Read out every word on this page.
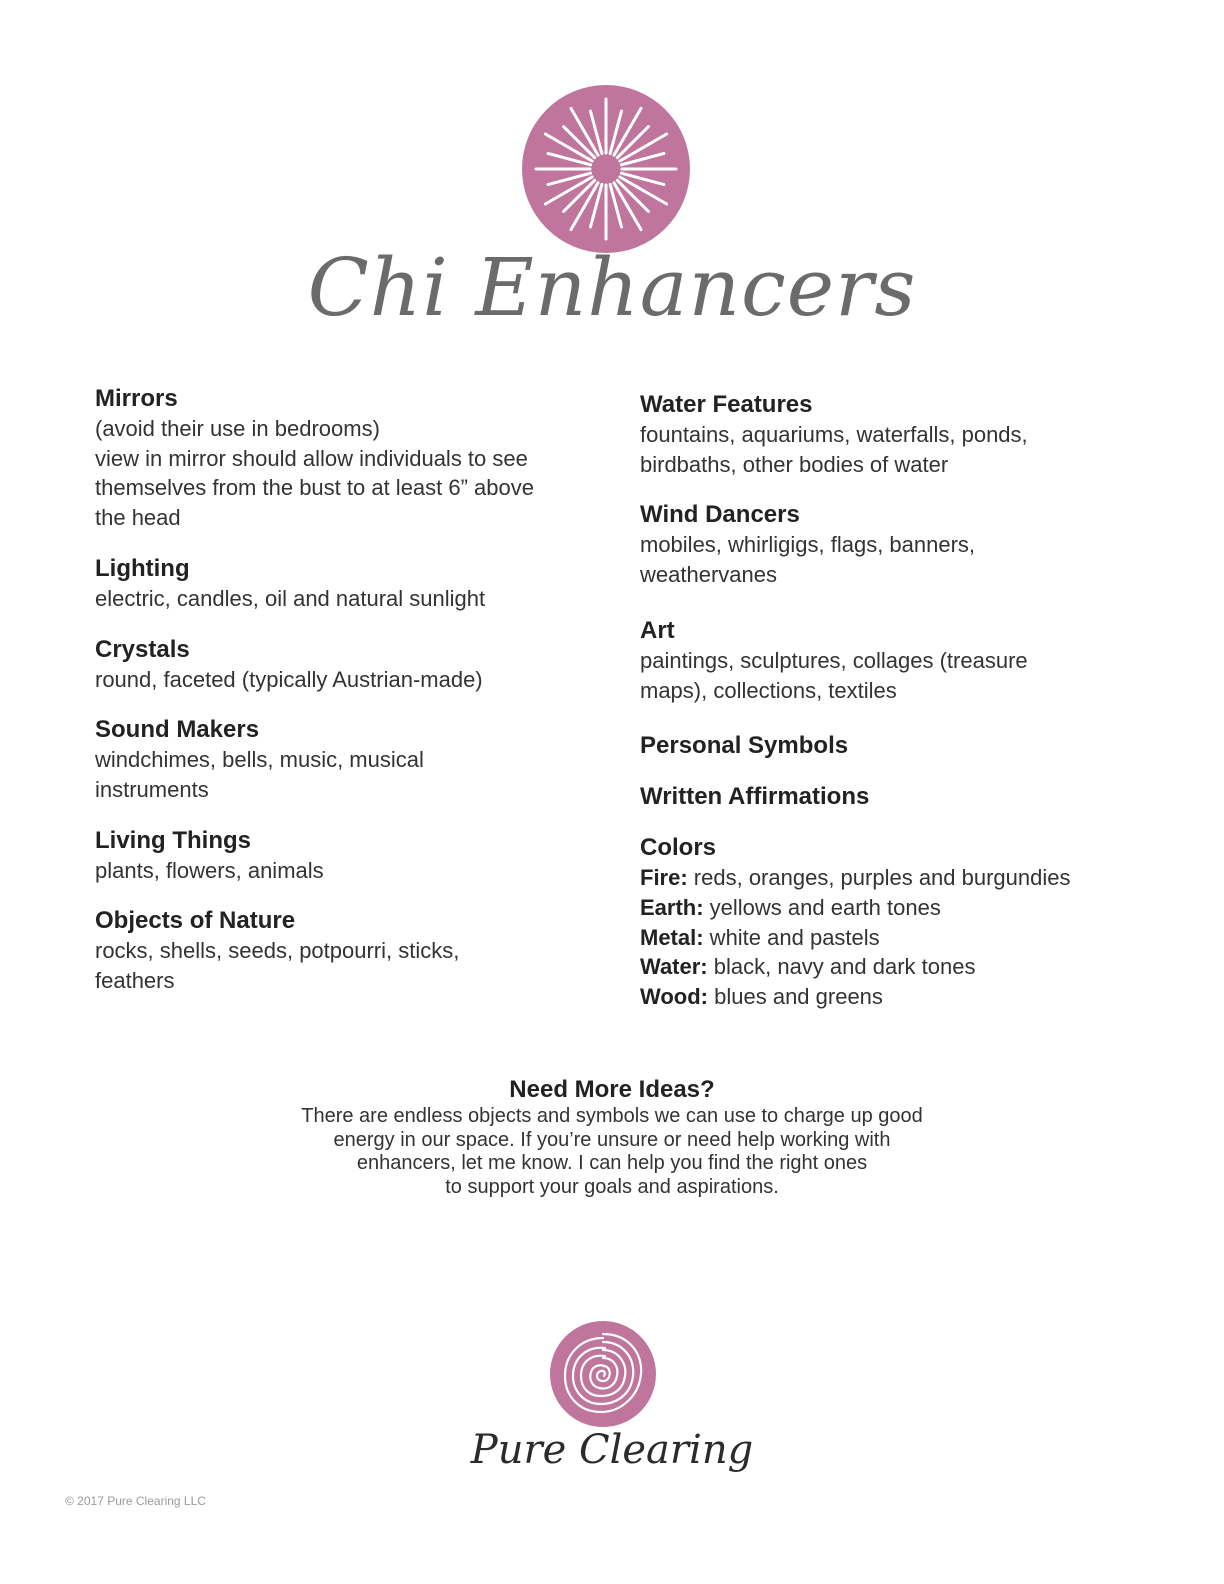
Chi Enhancers
Mirrors
(avoid their use in bedrooms)
view in mirror should allow individuals to see
themselves from the bust to at least 6” above
the head
Lighting
electric, candles, oil and natural sunlight
Crystals
round, faceted (typically Austrian-made)
Sound Makers
windchimes, bells, music, musical
instruments
Living Things
plants, flowers, animals
Objects of Nature
rocks, shells, seeds, potpourri, sticks,
feathers
Water Features
fountains, aquariums, waterfalls, ponds,
birdbaths, other bodies of water
Wind Dancers
mobiles, whirligigs, flags, banners,
weathervanes
Art
paintings, sculptures, collages (treasure
maps), collections, textiles
Personal Symbols
Written Affirmations
Colors
Fire: reds, oranges, purples and burgundies
Earth: yellows and earth tones
Metal: white and pastels
Water: black, navy and dark tones
Wood: blues and greens
Need More Ideas?
There are endless objects and symbols we can use to charge up good
energy in our space. If you’re unsure or need help working with
enhancers, let me know. I can help you find the right ones
to support your goals and aspirations.
Pure Clearing
© 2017 Pure Clearing LLC
